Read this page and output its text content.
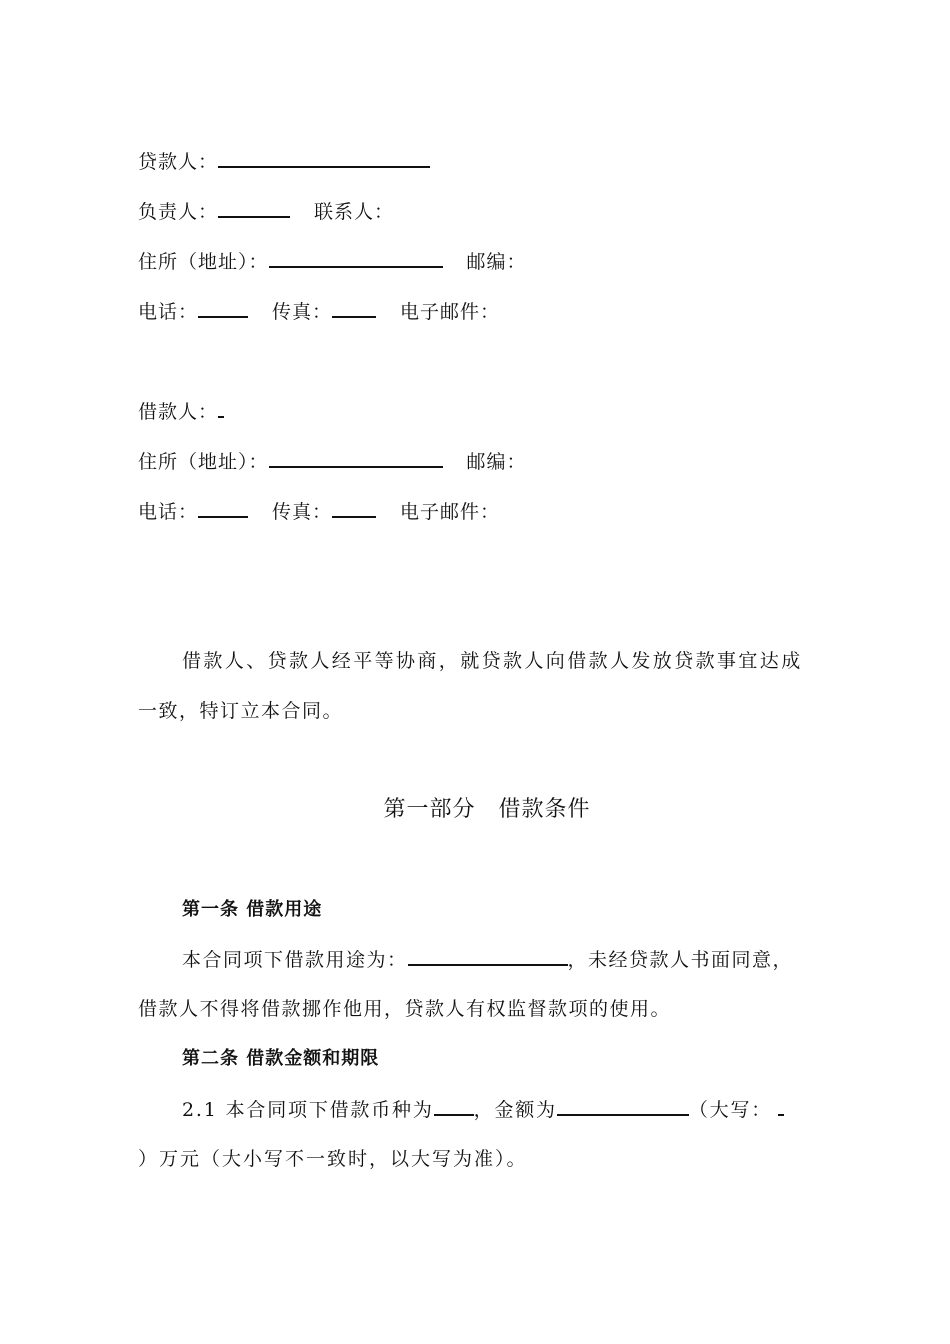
贷款人：
负责人：	联系人：
住所（地址）：	邮编：
电话：	传真：	电子邮件：
借款人：
住所（地址）：	邮编：
电话：	传真：	电子邮件：
借款人、贷款人经平等协商，就贷款人向借款人发放贷款事宜达成
一致，特订立本合同。
第一部分　借款条件
第一条 借款用途
本合同项下借款用途为：	，未经贷款人书面同意，
借款人不得将借款挪作他用，贷款人有权监督款项的使用。
第二条 借款金额和期限
2.1 本合同项下借款币种为 ，金额为	（大写：
）万元（大小写不一致时，以大写为准）。
